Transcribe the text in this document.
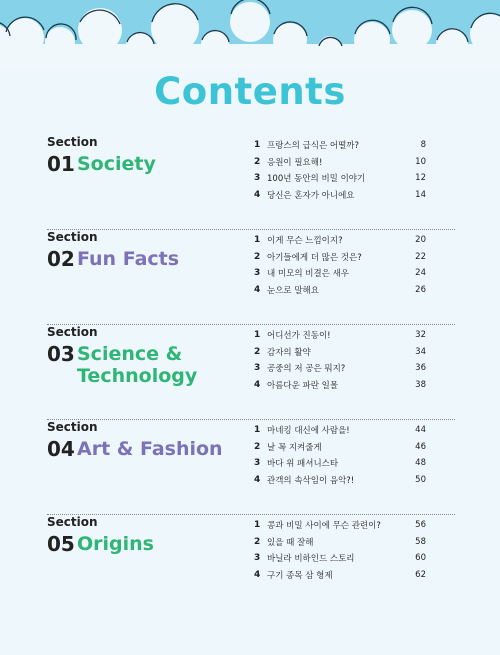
Contents
Section
01 Society
1 프랑스의 급식은 어떨까?	8
2 응원이 필요해!	10
3 100년 동안의 비밀 이야기	12
4 당신은 혼자가 아니에요	14
Section
02 Fun Facts
1 이게 무슨 느낌이지?	20
2 아기들에게 더 많은 것은?	22
3 내 미모의 비결은 새우	24
4 눈으로 말해요	26
Section
03 Science & Technology
1 어디선가 진동이!	32
2 감자의 활약	34
3 공중의 저 공은 뭐지?	36
4 아름다운 파란 일몰	38
Section
04 Art & Fashion
1 마네킹 대신에 사람을!	44
2 날 꼭 지켜줄게	46
3 바다 위 패셔니스타	48
4 관객의 속삭임이 음악?!	50
Section
05 Origins
1 콩과 비밀 사이에 무슨 관련이?	56
2 있을 때 잘해	58
3 바닐라 비하인드 스토리	60
4 구기 종목 삼 형제	62
